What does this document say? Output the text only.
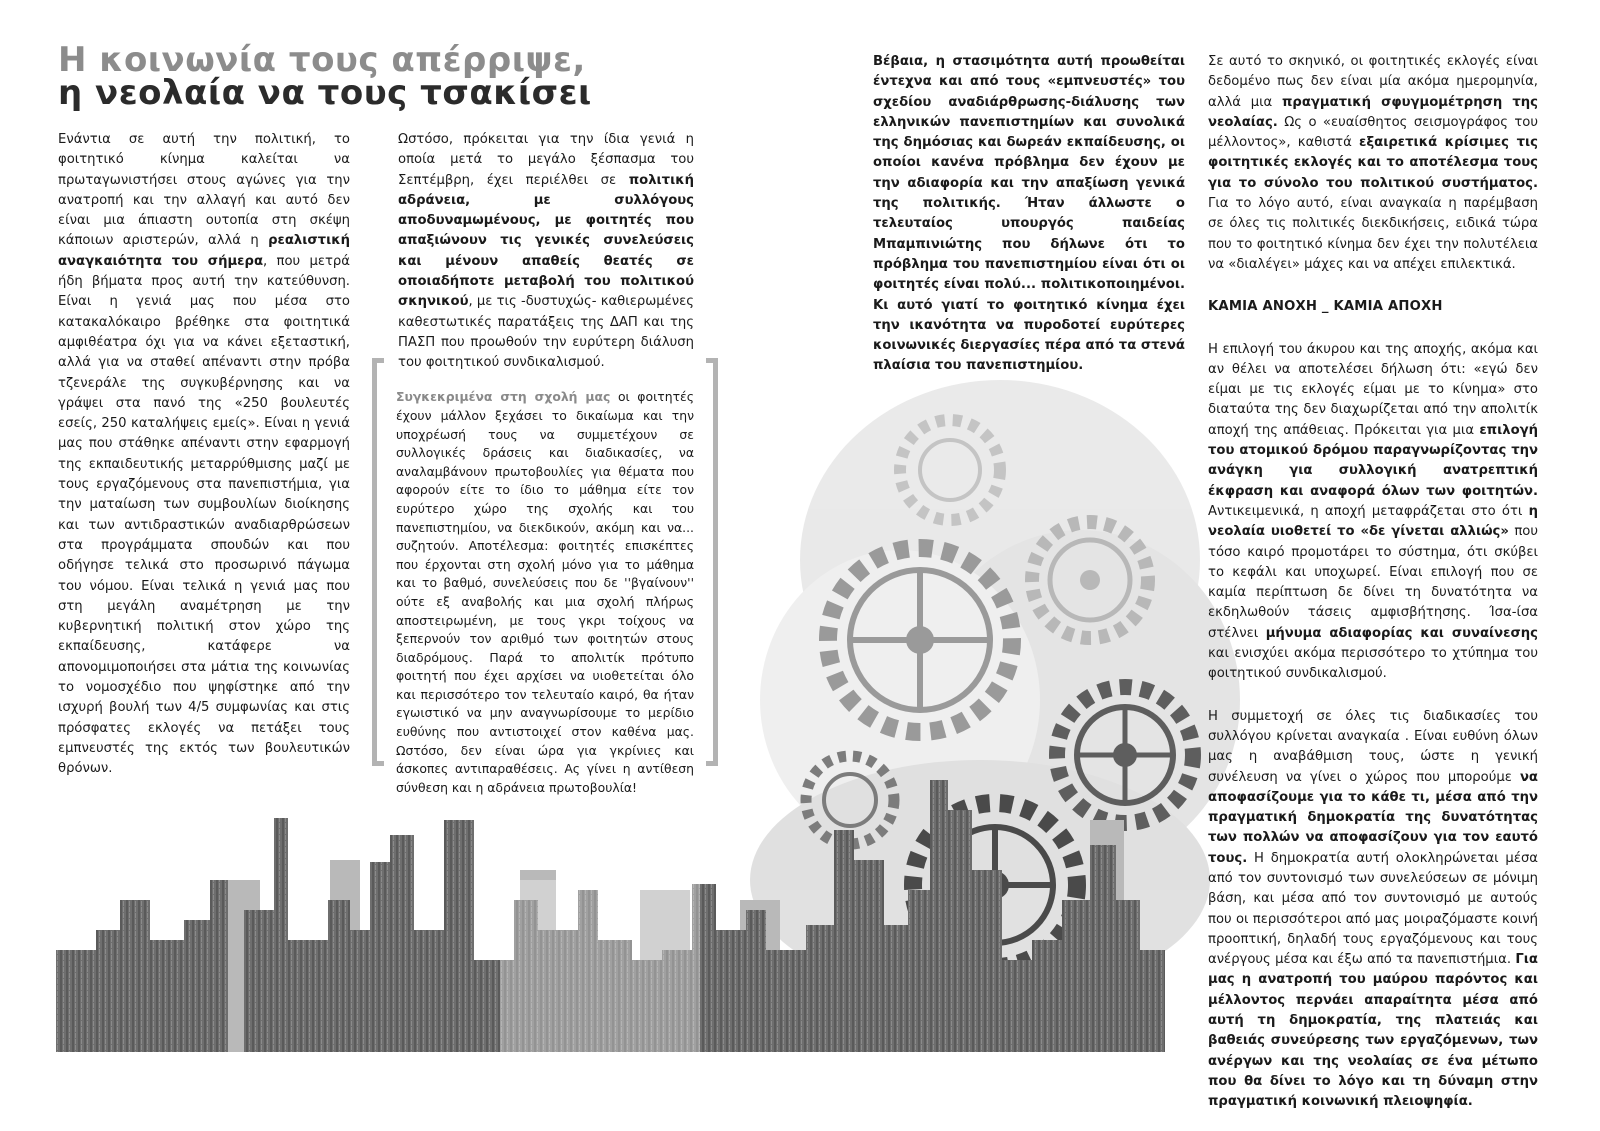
Η κοινωνία τους απέρριψε,
η νεολαία να τους τσακίσει

Ενάντια σε αυτή την πολιτική, το φοιτητικό κίνημα καλείται να πρωταγωνιστήσει στους αγώνες για την ανατροπή και την αλλαγή και αυτό δεν είναι μια άπιαστη ουτοπία στη σκέψη κάποιων αριστερών, αλλά η ρεαλιστική αναγκαιότητα του σήμερα, που μετρά ήδη βήματα προς αυτή την κατεύθυνση. Είναι η γενιά μας που μέσα στο κατακαλόκαιρο βρέθηκε στα φοιτητικά αμφιθέατρα όχι για να κάνει εξεταστική, αλλά για να σταθεί απέναντι στην πρόβα τζενεράλε της συγκυβέρνησης και να γράψει στα πανό της «250 βουλευτές εσείς, 250 καταλήψεις εμείς». Είναι η γενιά μας που στάθηκε απέναντι στην εφαρμογή της εκπαιδευτικής μεταρρύθμισης μαζί με τους εργαζόμενους στα πανεπιστήμια, για την ματαίωση των συμβουλίων διοίκησης και των αντιδραστικών αναδιαρθρώσεων στα προγράμματα σπουδών και που οδήγησε τελικά στο προσωρινό πάγωμα του νόμου. Είναι τελικά η γενιά μας που στη μεγάλη αναμέτρηση με την κυβερνητική πολιτική στον χώρο της εκπαίδευσης, κατάφερε να απονομιμοποιήσει στα μάτια της κοινωνίας το νομοσχέδιο που ψηφίστηκε από την ισχυρή βουλή των 4/5 συμφωνίας και στις πρόσφατες εκλογές να πετάξει τους εμπνευστές της εκτός των βουλευτικών θρόνων.

Ωστόσο, πρόκειται για την ίδια γενιά η οποία μετά το μεγάλο ξέσπασμα του Σεπτέμβρη, έχει περιέλθει σε πολιτική αδράνεια, με συλλόγους αποδυναμωμένους, με φοιτητές που απαξιώνουν τις γενικές συνελεύσεις και μένουν απαθείς θεατές σε οποιαδήποτε μεταβολή του πολιτικού σκηνικού, με τις -δυστυχώς- καθιερωμένες καθεστωτικές παρατάξεις της ΔΑΠ και της ΠΑΣΠ που προωθούν την ευρύτερη διάλυση του φοιτητικού συνδικαλισμού.

Συγκεκριμένα στη σχολή μας οι φοιτητές έχουν μάλλον ξεχάσει το δικαίωμα και την υποχρέωσή τους να συμμετέχουν σε συλλογικές δράσεις και διαδικασίες, να αναλαμβάνουν πρωτοβουλίες για θέματα που αφορούν είτε το ίδιο το μάθημα είτε τον ευρύτερο χώρο της σχολής και του πανεπιστημίου, να διεκδικούν, ακόμη και να... συζητούν. Αποτέλεσμα: φοιτητές επισκέπτες που έρχονται στη σχολή μόνο για το μάθημα και το βαθμό, συνελεύσεις που δε ''βγαίνουν'' ούτε εξ αναβολής και μια σχολή πλήρως αποστειρωμένη, με τους γκρι τοίχους να ξεπερνούν τον αριθμό των φοιτητών στους διαδρόμους. Παρά το απολιτίκ πρότυπο φοιτητή που έχει αρχίσει να υιοθετείται όλο και περισσότερο τον τελευταίο καιρό, θα ήταν εγωιστικό να μην αναγνωρίσουμε το μερίδιο ευθύνης που αντιστοιχεί στον καθένα μας. Ωστόσο, δεν είναι ώρα για γκρίνιες και άσκοπες αντιπαραθέσεις. Ας γίνει η αντίθεση σύνθεση και η αδράνεια πρωτοβουλία!

Βέβαια, η στασιμότητα αυτή προωθείται έντεχνα και από τους «εμπνευστές» του σχεδίου αναδιάρθρωσης-διάλυσης των ελληνικών πανεπιστημίων και συνολικά της δημόσιας και δωρεάν εκπαίδευσης, οι οποίοι κανένα πρόβλημα δεν έχουν με την αδιαφορία και την απαξίωση γενικά της πολιτικής. Ήταν άλλωστε ο τελευταίος υπουργός παιδείας Μπαμπινιώτης που δήλωνε ότι το πρόβλημα του πανεπιστημίου είναι ότι οι φοιτητές είναι πολύ... πολιτικοποιημένοι. Κι αυτό γιατί το φοιτητικό κίνημα έχει την ικανότητα να πυροδοτεί ευρύτερες κοινωνικές διεργασίες πέρα από τα στενά πλαίσια του πανεπιστημίου.

Σε αυτό το σκηνικό, οι φοιτητικές εκλογές είναι δεδομένο πως δεν είναι μία ακόμα ημερομηνία, αλλά μια πραγματική σφυγμομέτρηση της νεολαίας. Ως ο «ευαίσθητος σεισμογράφος του μέλλοντος», καθιστά εξαιρετικά κρίσιμες τις φοιτητικές εκλογές και το αποτέλεσμα τους για το σύνολο του πολιτικού συστήματος. Για το λόγο αυτό, είναι αναγκαία η παρέμβαση σε όλες τις πολιτικές διεκδικήσεις, ειδικά τώρα που το φοιτητικό κίνημα δεν έχει την πολυτέλεια να «διαλέγει» μάχες και να απέχει επιλεκτικά.

ΚΑΜΙΑ ΑΝΟΧΗ _ ΚΑΜΙΑ ΑΠΟΧΗ

Η επιλογή του άκυρου και της αποχής, ακόμα και αν θέλει να αποτελέσει δήλωση ότι: «εγώ δεν είμαι με τις εκλογές είμαι με το κίνημα» στο διαταύτα της δεν διαχωρίζεται από την απολιτίκ αποχή της απάθειας. Πρόκειται για μια επιλογή του ατομικού δρόμου παραγνωρίζοντας την ανάγκη για συλλογική ανατρεπτική έκφραση και αναφορά όλων των φοιτητών. Αντικειμενικά, η αποχή μεταφράζεται στο ότι η νεολαία υιοθετεί το «δε γίνεται αλλιώς» που τόσο καιρό προμοτάρει το σύστημα, ότι σκύβει το κεφάλι και υποχωρεί. Είναι επιλογή που σε καμία περίπτωση δε δίνει τη δυνατότητα να εκδηλωθούν τάσεις αμφισβήτησης. Ίσα-ίσα στέλνει μήνυμα αδιαφορίας και συναίνεσης και ενισχύει ακόμα περισσότερο το χτύπημα του φοιτητικού συνδικαλισμού.

Η συμμετοχή σε όλες τις διαδικασίες του συλλόγου κρίνεται αναγκαία . Είναι ευθύνη όλων μας η αναβάθμιση τους, ώστε η γενική συνέλευση να γίνει ο χώρος που μπορούμε να αποφασίζουμε για το κάθε τι, μέσα από την πραγματική δημοκρατία της δυνατότητας των πολλών να αποφασίζουν για τον εαυτό τους. Η δημοκρατία αυτή ολοκληρώνεται μέσα από τον συντονισμό των συνελεύσεων σε μόνιμη βάση, και μέσα από τον συντονισμό με αυτούς που οι περισσότεροι από μας μοιραζόμαστε κοινή προοπτική, δηλαδή τους εργαζόμενους και τους ανέργους μέσα και έξω από τα πανεπιστήμια. Για μας η ανατροπή του μαύρου παρόντος και μέλλοντος περνάει απαραίτητα μέσα από αυτή τη δημοκρατία, της πλατειάς και βαθειάς συνεύρεσης των εργαζόμενων, των ανέργων και της νεολαίας σε ένα μέτωπο που θα δίνει το λόγο και τη δύναμη στην πραγματική κοινωνική πλειοψηφία.
